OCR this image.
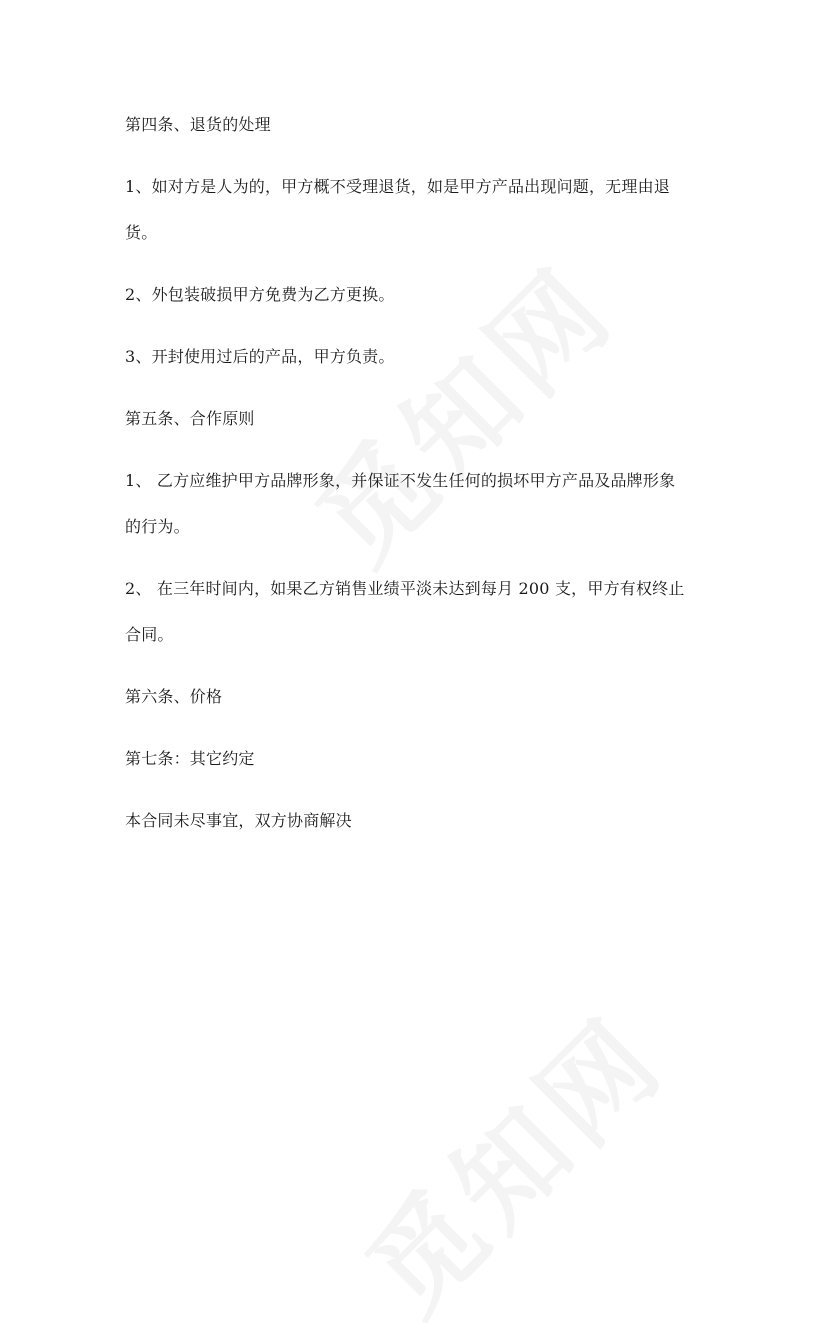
第四条、退货的处理

1、如对方是人为的，甲方概不受理退货，如是甲方产品出现问题，无理由退

货。

2、外包装破损甲方免费为乙方更换。

3、开封使用过后的产品，甲方负责。

第五条、合作原则

1、 乙方应维护甲方品牌形象，并保证不发生任何的损坏甲方产品及品牌形象

的行为。

2、 在三年时间内，如果乙方销售业绩平淡未达到每月 200 支，甲方有权终止

合同。

第六条、价格

第七条：其它约定

本合同未尽事宜，双方协商解决
